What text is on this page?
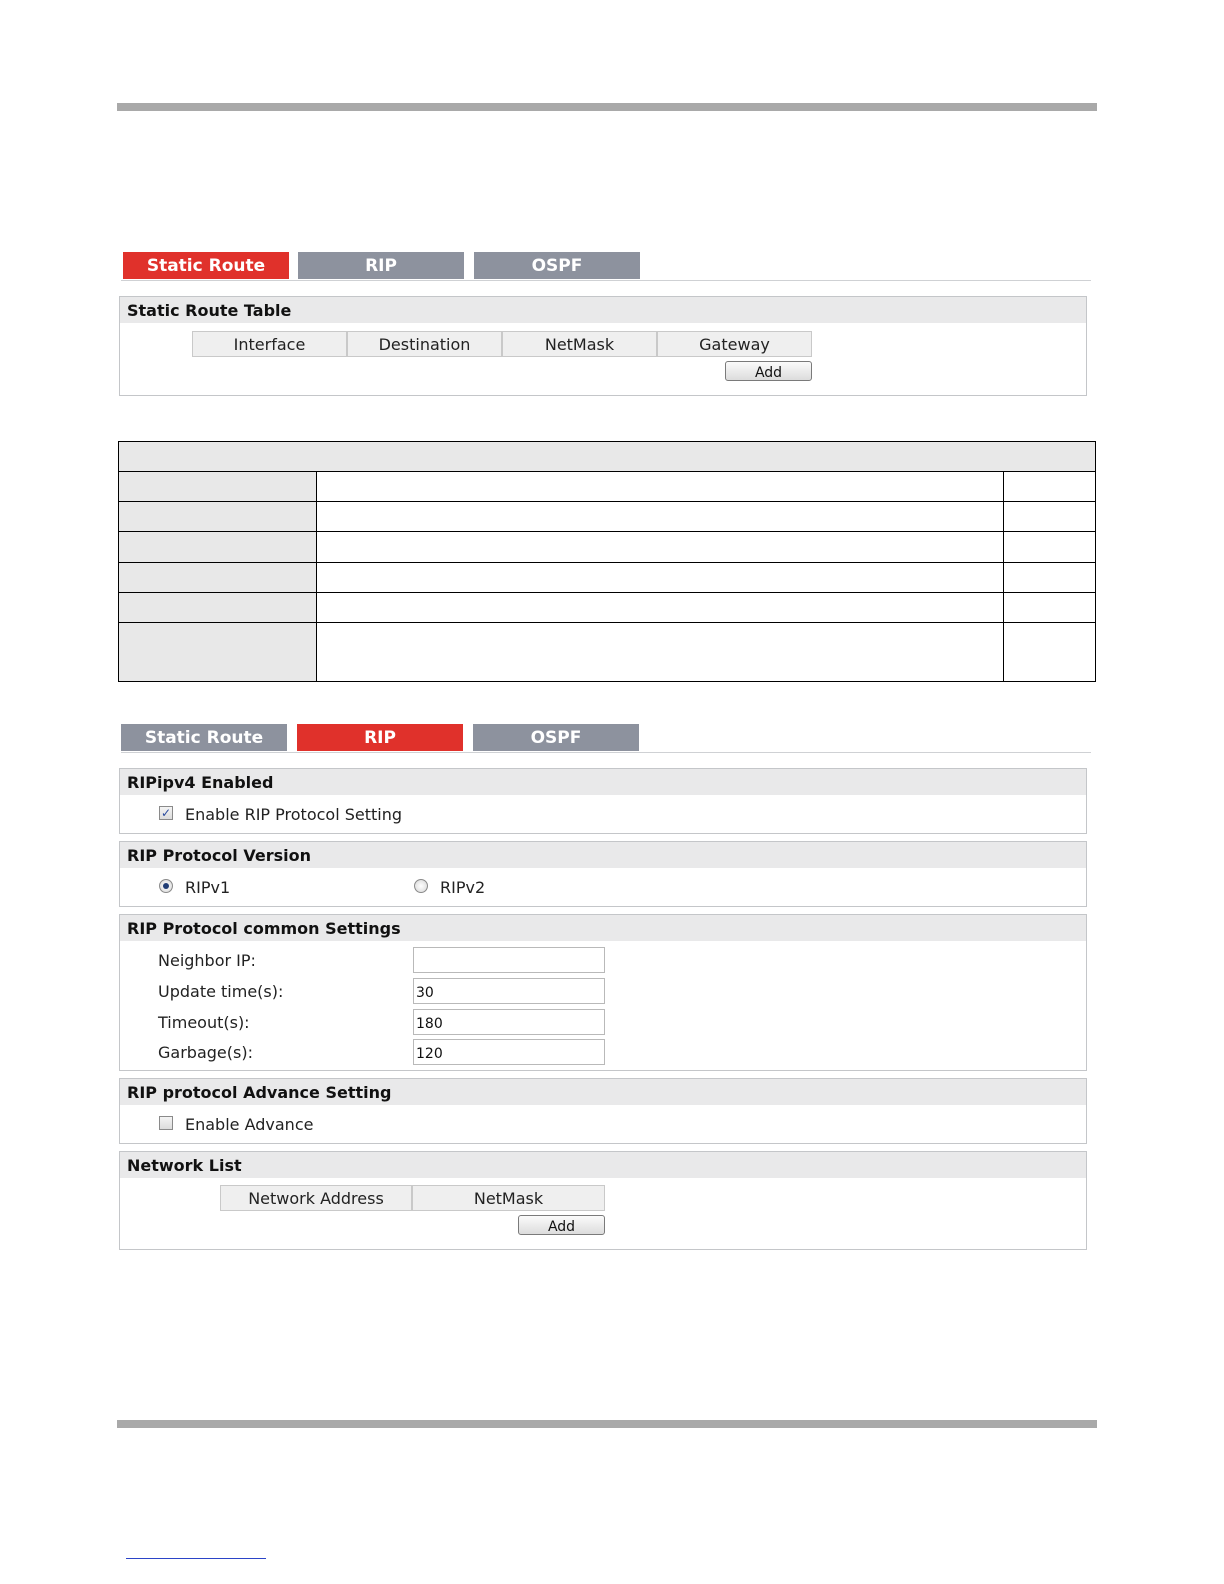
Static Route	RIP	OSPF
Static Route Table
Interface	Destination	NetMask	Gateway
Add

Static Route	RIP	OSPF
RIPipv4 Enabled
✓ Enable RIP Protocol Setting
RIP Protocol Version
RIPv1	RIPv2
RIP Protocol common Settings
Neighbor IP:
Update time(s):
30
Timeout(s):
180
Garbage(s):
120
RIP protocol Advance Setting
Enable Advance
Network List
Network Address	NetMask
Add
